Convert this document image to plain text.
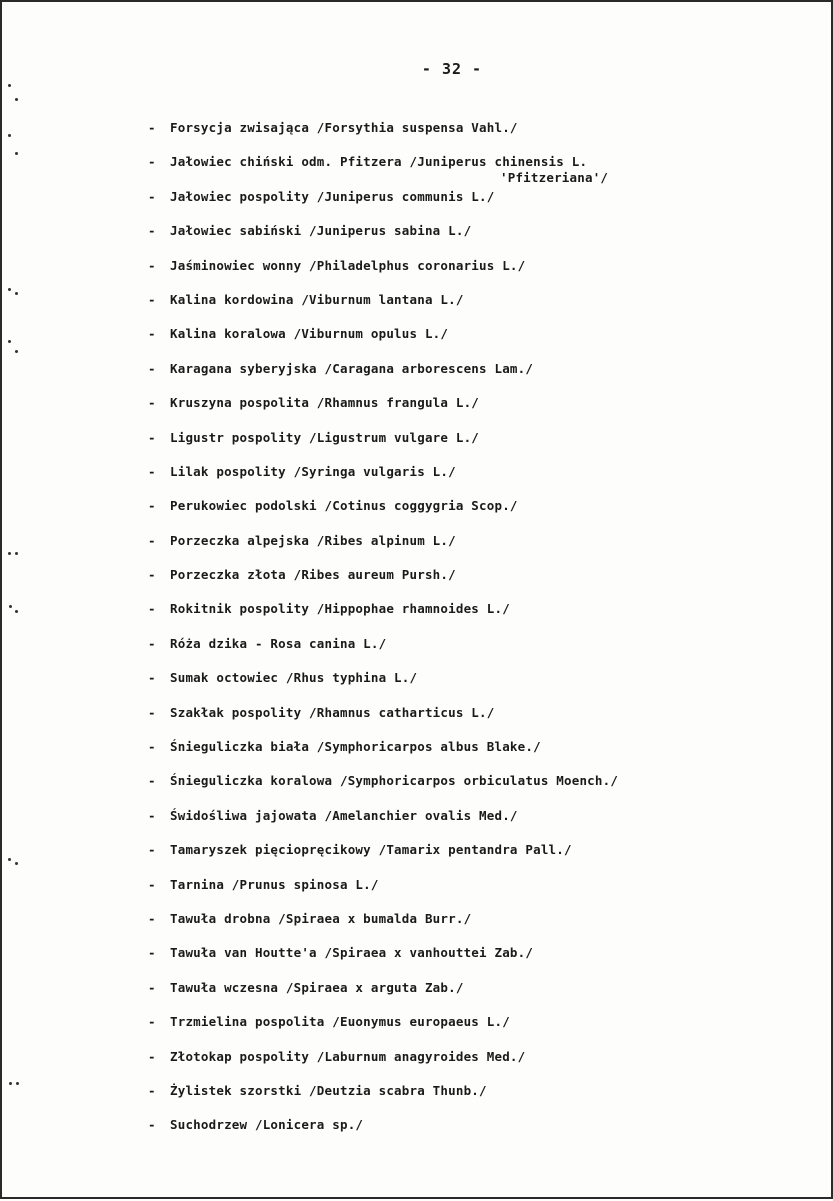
- 32 -
- Forsycja zwisająca /Forsythia suspensa Vahl./
- Jałowiec chiński odm. Pfitzera /Juniperus chinensis L.
'Pfitzeriana'/
- Jałowiec pospolity /Juniperus communis L./
- Jałowiec sabiński /Juniperus sabina L./
- Jaśminowiec wonny /Philadelphus coronarius L./
- Kalina kordowina /Viburnum lantana L./
- Kalina koralowa /Viburnum opulus L./
- Karagana syberyjska /Caragana arborescens Lam./
- Kruszyna pospolita /Rhamnus frangula L./
- Ligustr pospolity /Ligustrum vulgare L./
- Lilak pospolity /Syringa vulgaris L./
- Perukowiec podolski /Cotinus coggygria Scop./
- Porzeczka alpejska /Ribes alpinum L./
- Porzeczka złota /Ribes aureum Pursh./
- Rokitnik pospolity /Hippophae rhamnoides L./
- Róża dzika - Rosa canina L./
- Sumak octowiec /Rhus typhina L./
- Szakłak pospolity /Rhamnus catharticus L./
- Śnieguliczka biała /Symphoricarpos albus Blake./
- Śnieguliczka koralowa /Symphoricarpos orbiculatus Moench./
- Świdośliwa jajowata /Amelanchier ovalis Med./
- Tamaryszek pięciopręcikowy /Tamarix pentandra Pall./
- Tarnina /Prunus spinosa L./
- Tawuła drobna /Spiraea x bumalda Burr./
- Tawuła van Houtte'a /Spiraea x vanhouttei Zab./
- Tawuła wczesna /Spiraea x arguta Zab./
- Trzmielina pospolita /Euonymus europaeus L./
- Złotokap pospolity /Laburnum anagyroides Med./
- Żylistek szorstki /Deutzia scabra Thunb./
- Suchodrzew /Lonicera sp./
